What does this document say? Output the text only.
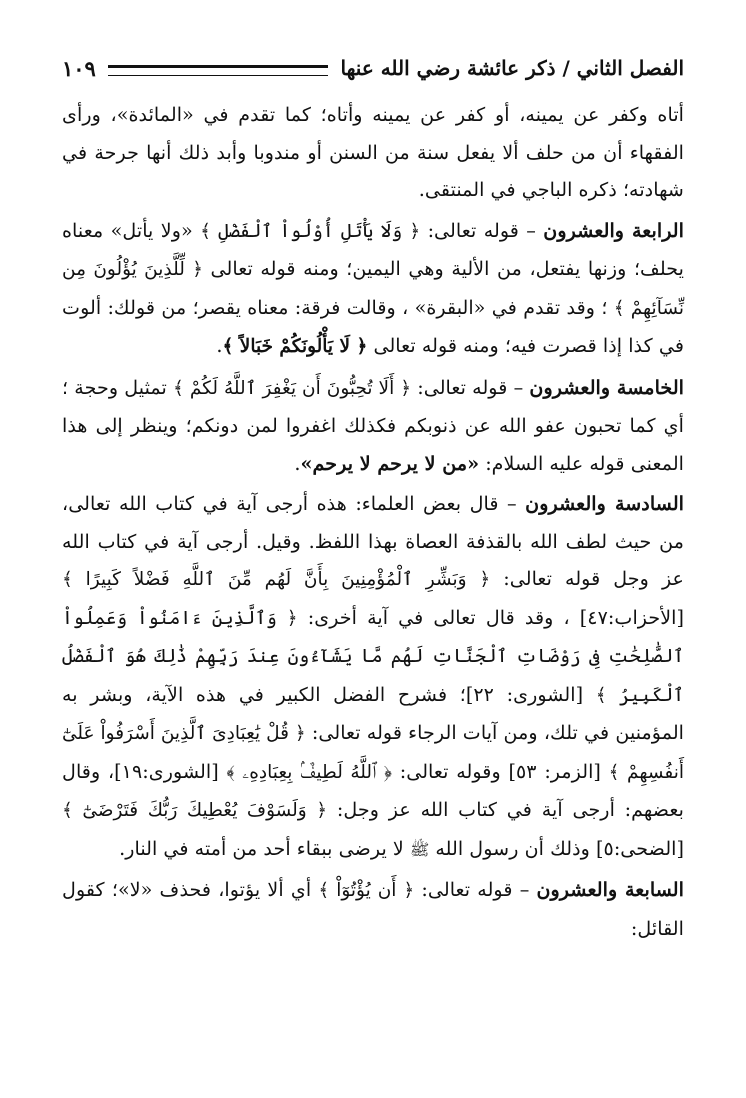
الفصل الثاني / ذكر عائشة رضي الله عنها
١٠٩

أتاه وكفر عن يمينه، أو كفر عن يمينه وأتاه؛ كما تقدم في «المائدة»، ورأى الفقهاء أن من حلف ألا يفعل سنة من السنن أو مندوبا وأبد ذلك أنها جرحة في شهادته؛ ذكره الباجي في المنتقى.

الرابعة والعشرون – قوله تعالى: ﴿ وَلَا يَأْتَلِ أُوْلُواْ ٱلْفَضْلِ ﴾ «ولا يأتل» معناه يحلف؛ وزنها يفتعل، من الألية وهي اليمين؛ ومنه قوله تعالى ﴿ لِّلَّذِينَ يُؤْلُونَ مِن نِّسَآئِهِمْ ﴾ ؛ وقد تقدم في «البقرة» ، وقالت فرقة: معناه يقصر؛ من قولك: ألوت في كذا إذا قصرت فيه؛ ومنه قوله تعالى ﴿ لَا يَأْلُونَكُمْ خَبَالاً ﴾.

الخامسة والعشرون – قوله تعالى: ﴿ أَلَا تُحِبُّونَ أَن يَغْفِرَ ٱللَّهُ لَكُمْ ﴾ تمثيل وحجة ؛ أي كما تحبون عفو الله عن ذنوبكم فكذلك اغفروا لمن دونكم؛ وينظر إلى هذا المعنى قوله عليه السلام: «من لا يرحم لا يرحم».

السادسة والعشرون – قال بعض العلماء: هذه أرجى آية في كتاب الله تعالى، من حيث لطف الله بالقذفة العصاة بهذا اللفظ. وقيل. أرجى آية في كتاب الله عز وجل قوله تعالى: ﴿ وَبَشِّرِ ٱلْمُؤْمِنِينَ بِأَنَّ لَهُم مِّنَ ٱللَّهِ فَضْلاً كَبِيرًا ﴾ [الأحزاب:٤٧] ، وقد قال تعالى في آية أخرى: ﴿ وَٱلَّذِينَ ءَامَنُواْ وَعَمِلُواْ ٱلصَّٰلِحَٰتِ فِى رَوْضَاتِ ٱلْجَنَّاتِ لَهُم مَّا يَشَآءُونَ عِندَ رَبِّهِمْ ذَٰلِكَ هُوَ ٱلْفَضْلُ ٱلْكَبِيرُ ﴾ [الشورى: ٢٢]؛ فشرح الفضل الكبير في هذه الآية، وبشر به المؤمنين في تلك، ومن آيات الرجاء قوله تعالى: ﴿ قُلْ يَٰعِبَادِىَ ٱلَّذِينَ أَسْرَفُواْ عَلَىٰٓ أَنفُسِهِمْ ﴾ [الزمر: ٥٣] وقوله تعالى: ﴿ ٱللَّهُ لَطِيفٌۢ بِعِبَادِهِۦ ﴾ [الشورى:١٩]، وقال بعضهم: أرجى آية في كتاب الله عز وجل: ﴿ وَلَسَوْفَ يُعْطِيكَ رَبُّكَ فَتَرْضَىٰٓ ﴾ [الضحى:٥] وذلك أن رسول الله ﷺ لا يرضى ببقاء أحد من أمته في النار.

السابعة والعشرون – قوله تعالى: ﴿ أَن يُؤْتُوٓاْ ﴾ أي ألا يؤتوا، فحذف «لا»؛ كقول القائل:
